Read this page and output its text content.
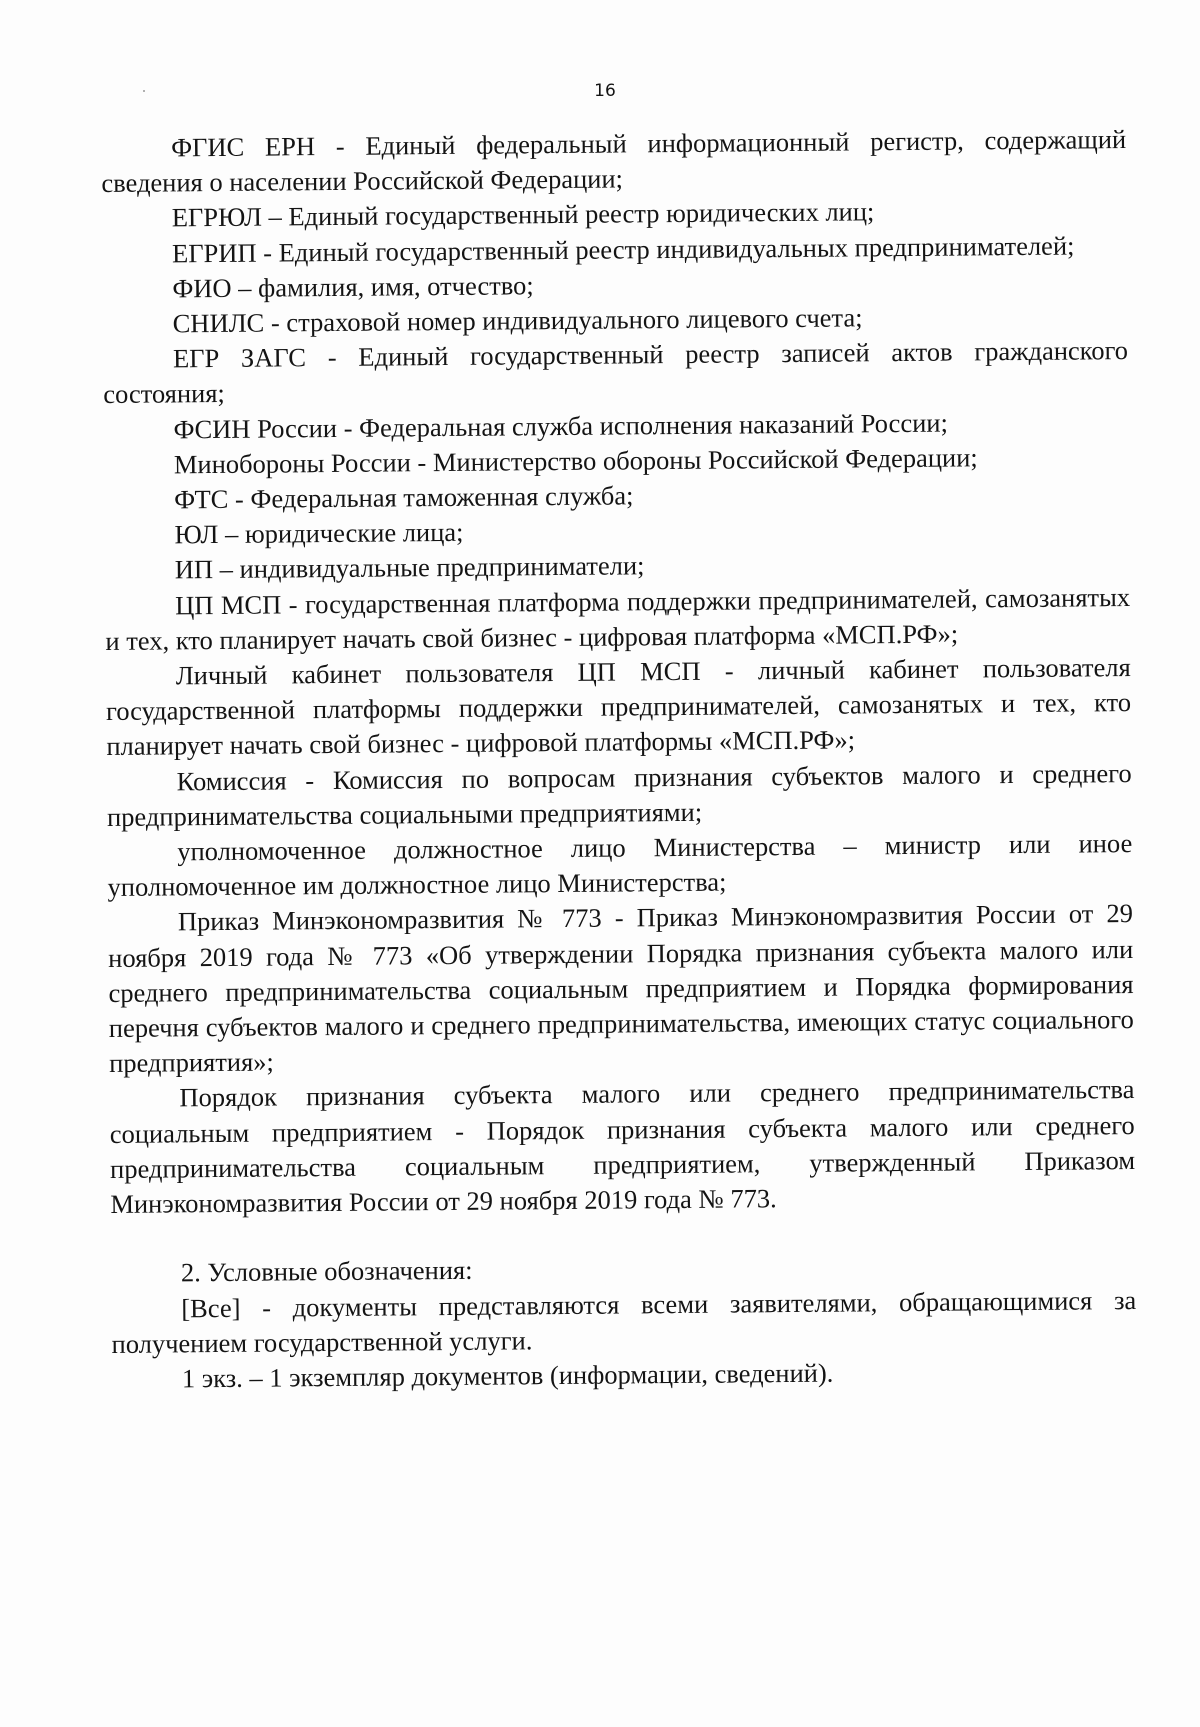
16

ФГИС ЕРН - Единый федеральный информационный регистр, содержащий сведения о населении Российской Федерации;

ЕГРЮЛ – Единый государственный реестр юридических лиц;

ЕГРИП - Единый государственный реестр индивидуальных предпринимателей;

ФИО – фамилия, имя, отчество;

СНИЛС - страховой номер индивидуального лицевого счета;

ЕГР ЗАГС - Единый государственный реестр записей актов гражданского состояния;

ФСИН России - Федеральная служба исполнения наказаний России;

Минобороны России - Министерство обороны Российской Федерации;

ФТС - Федеральная таможенная служба;

ЮЛ – юридические лица;

ИП – индивидуальные предприниматели;

ЦП МСП - государственная платформа поддержки предпринимателей, самозанятых и тех, кто планирует начать свой бизнес - цифровая платформа «МСП.РФ»;

Личный кабинет пользователя ЦП МСП - личный кабинет пользователя государственной платформы поддержки предпринимателей, самозанятых и тех, кто планирует начать свой бизнес - цифровой платформы «МСП.РФ»;

Комиссия - Комиссия по вопросам признания субъектов малого и среднего предпринимательства социальными предприятиями;

уполномоченное должностное лицо Министерства – министр или иное уполномоченное им должностное лицо Министерства;

Приказ Минэкономразвития № 773 - Приказ Минэкономразвития России от 29 ноября 2019 года № 773 «Об утверждении Порядка признания субъекта малого или среднего предпринимательства социальным предприятием и Порядка формирования перечня субъектов малого и среднего предпринимательства, имеющих статус социального предприятия»;

Порядок признания субъекта малого или среднего предпринимательства социальным предприятием - Порядок признания субъекта малого или среднего предпринимательства социальным предприятием, утвержденный Приказом Минэкономразвития России от 29 ноября 2019 года № 773.

2. Условные обозначения:

[Все] - документы представляются всеми заявителями, обращающимися за получением государственной услуги.

1 экз. – 1 экземпляр документов (информации, сведений).
